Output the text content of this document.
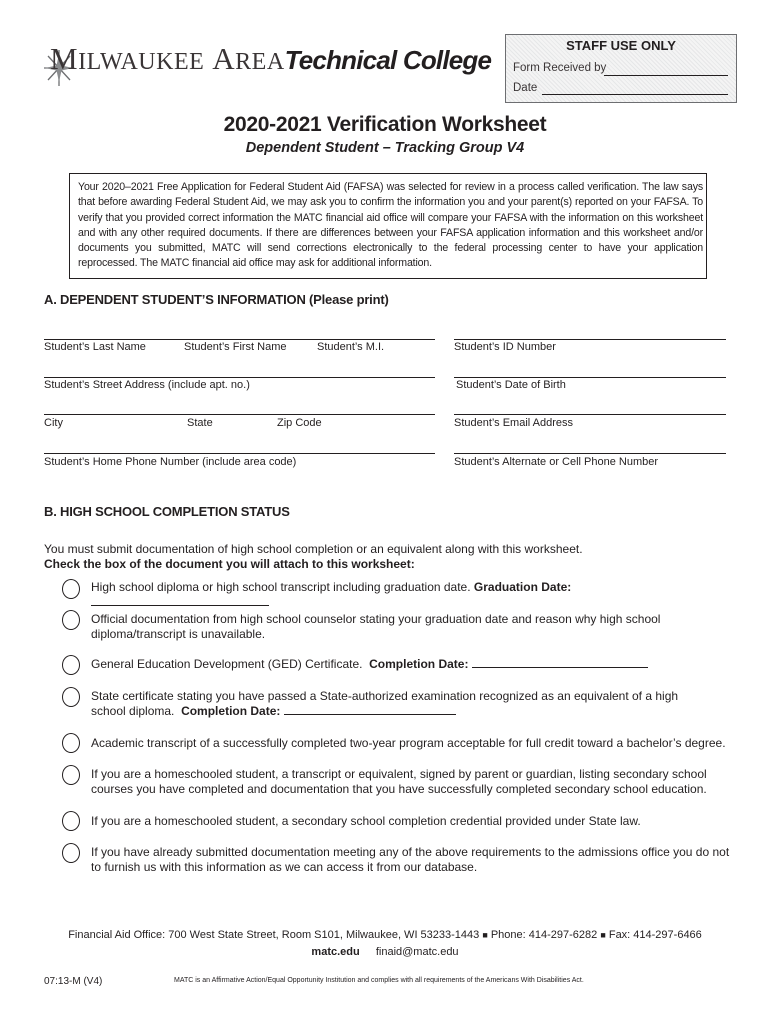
MILWAUKEE AREATechnical College	STAFF USE ONLY
Form Received by
Date
2020-2021 Verification Worksheet
Dependent Student – Tracking Group V4
Your 2020–2021 Free Application for Federal Student Aid (FAFSA) was selected for review in a process called verification. The law says that before awarding Federal Student Aid, we may ask you to confirm the information you and your parent(s) reported on your FAFSA. To verify that you provided correct information the MATC financial aid office will compare your FAFSA with the information on this worksheet and with any other required documents. If there are differences between your FAFSA application information and this worksheet and/or documents you submitted, MATC will send corrections electronically to the federal processing center to have your application reprocessed. The MATC financial aid office may ask for additional information.
A. DEPENDENT STUDENT’S INFORMATION (Please print)
Student’s Last Name	Student’s First Name	Student’s M.I.	Student’s ID Number
Student’s Street Address (include apt. no.)	Student’s Date of Birth
City	State	Zip Code	Student’s Email Address
Student’s Home Phone Number (include area code)	Student’s Alternate or Cell Phone Number
B. HIGH SCHOOL COMPLETION STATUS
You must submit documentation of high school completion or an equivalent along with this worksheet.
Check the box of the document you will attach to this worksheet:
High school diploma or high school transcript including graduation date. Graduation Date:
Official documentation from high school counselor stating your graduation date and reason why high school diploma/transcript is unavailable.
General Education Development (GED) Certificate. Completion Date:
State certificate stating you have passed a State-authorized examination recognized as an equivalent of a high school diploma. Completion Date:
Academic transcript of a successfully completed two-year program acceptable for full credit toward a bachelor’s degree.
If you are a homeschooled student, a transcript or equivalent, signed by parent or guardian, listing secondary school courses you have completed and documentation that you have successfully completed secondary school education.
If you are a homeschooled student, a secondary school completion credential provided under State law.
If you have already submitted documentation meeting any of the above requirements to the admissions office you do not to furnish us with this information as we can access it from our database.
Financial Aid Office: 700 West State Street, Room S101, Milwaukee, WI 53233-1443 ■ Phone: 414-297-6282 ■ Fax: 414-297-6466
matc.edu finaid@matc.edu
07:13-M (V4)	MATC is an Affirmative Action/Equal Opportunity Institution and complies with all requirements of the Americans With Disabilities Act.
